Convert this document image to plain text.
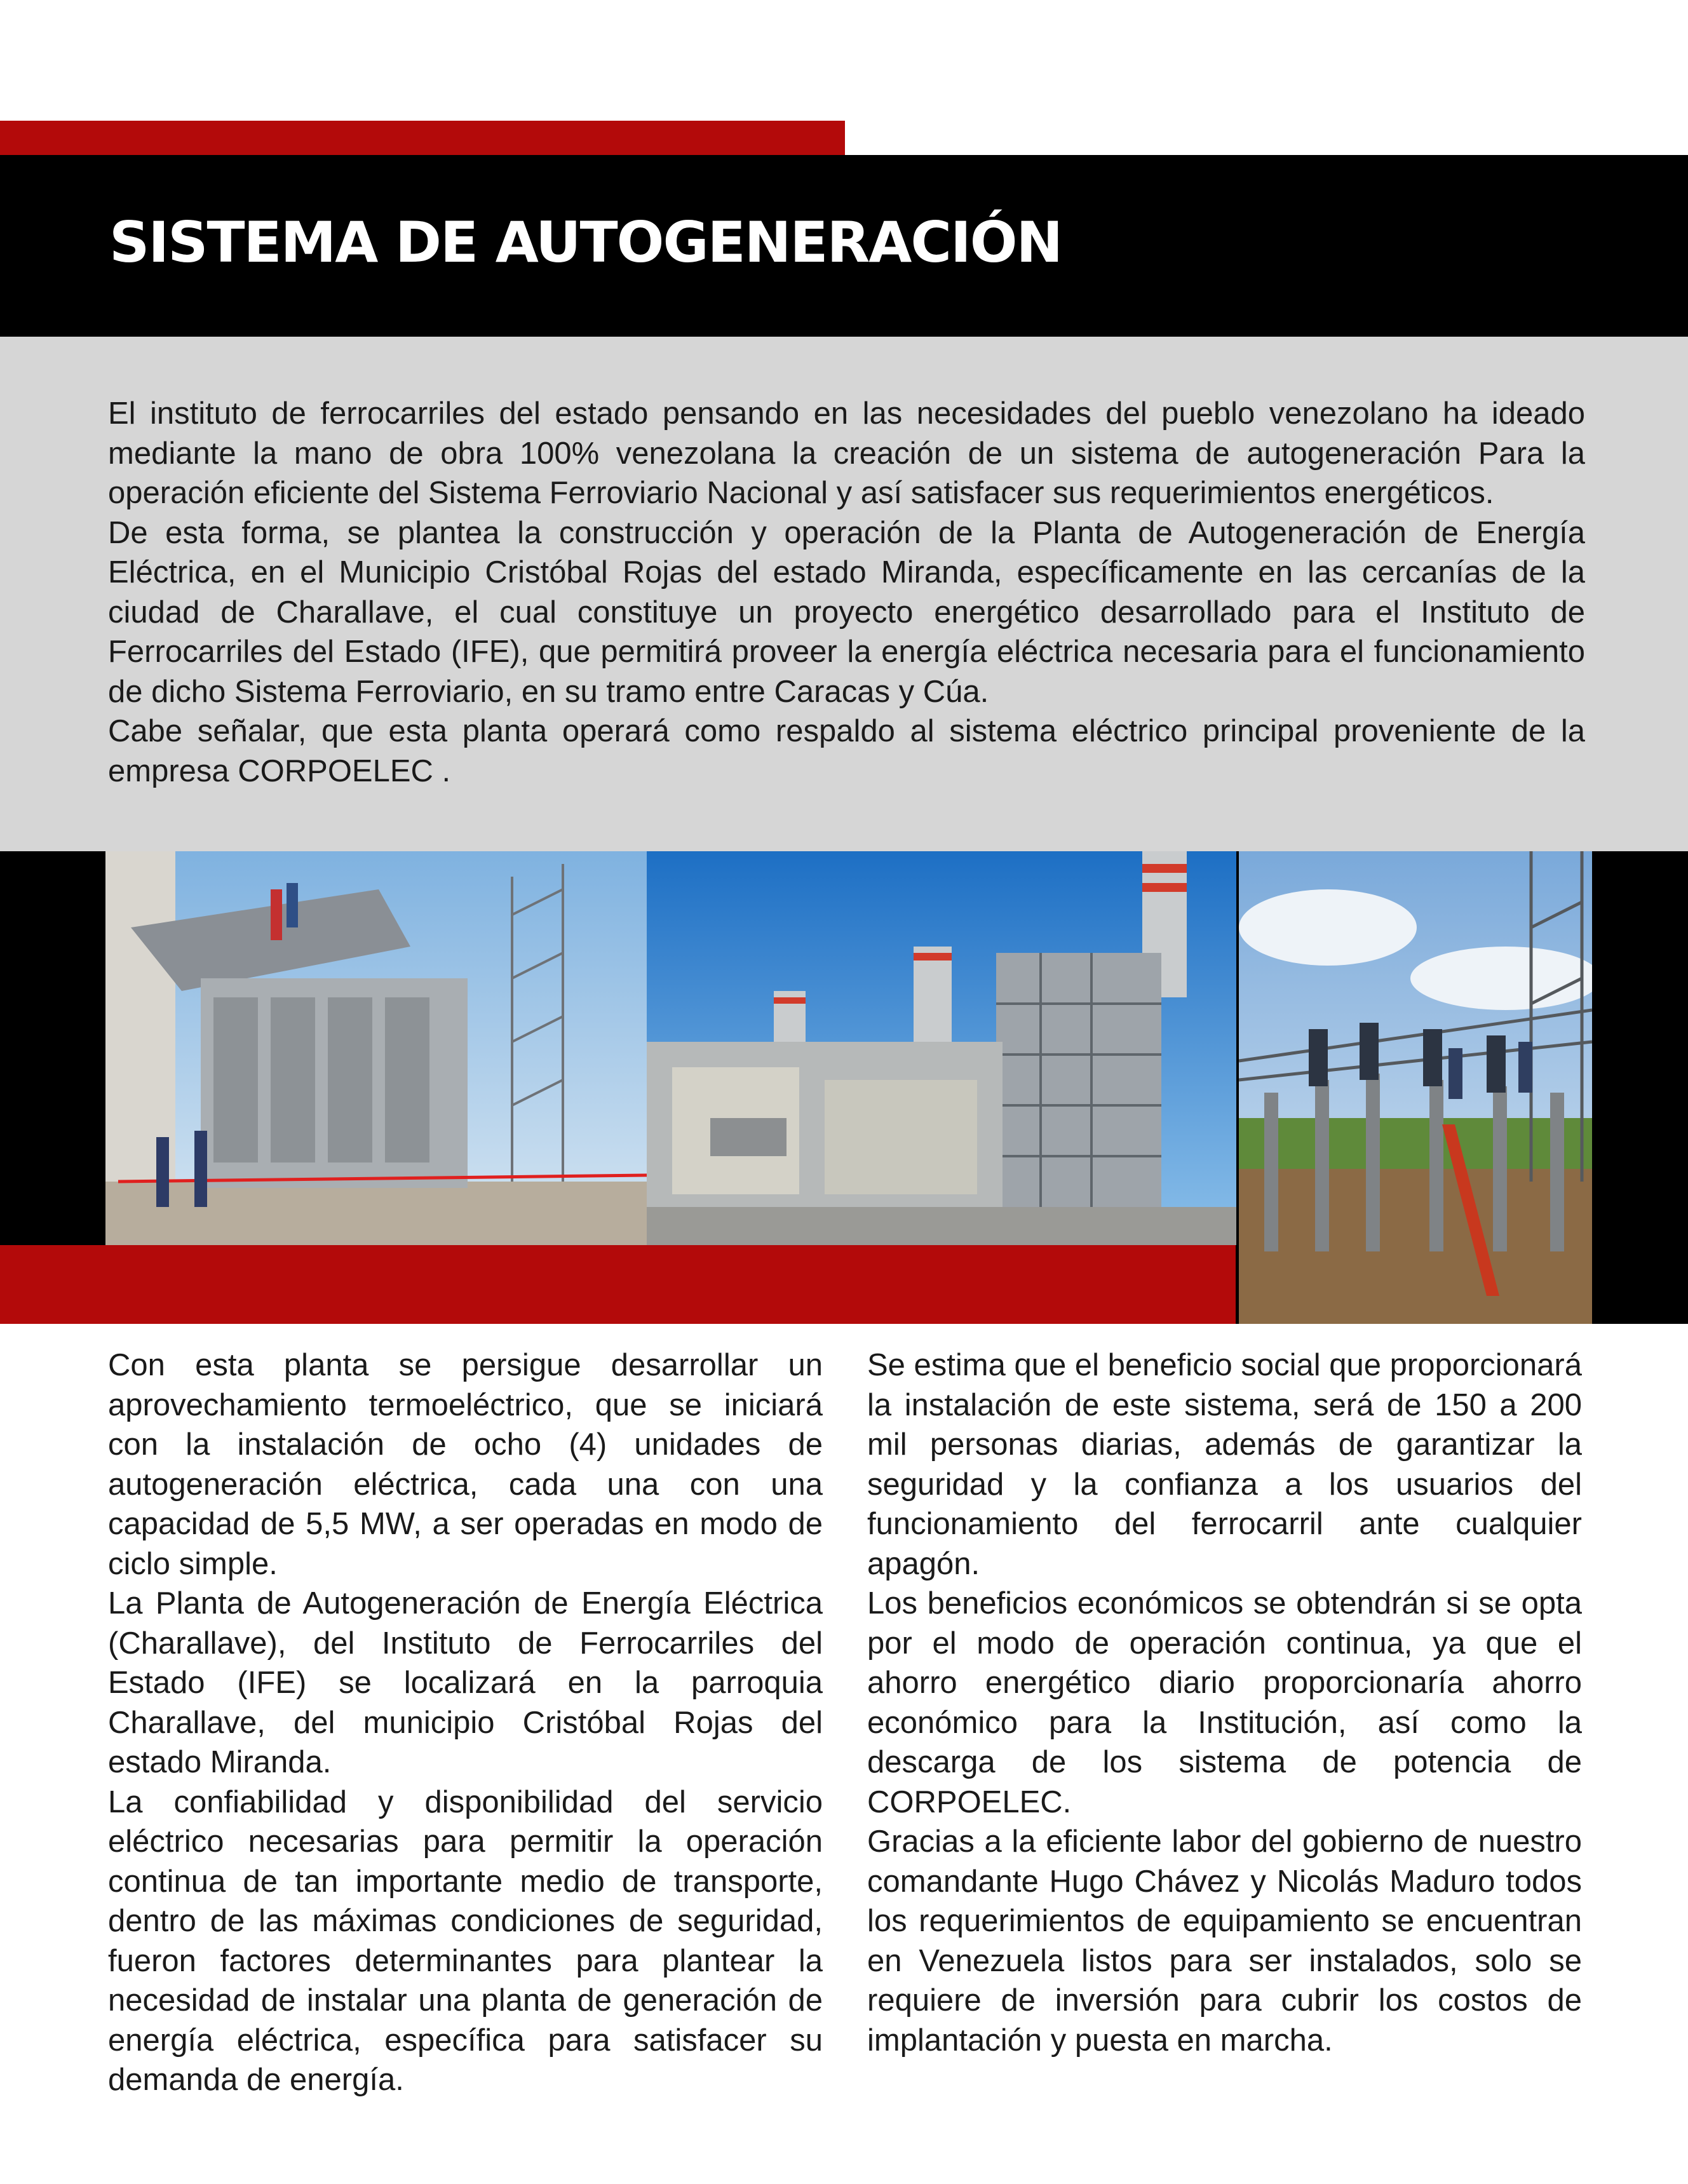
SISTEMA DE AUTOGENERACIÓN

El instituto de ferrocarriles del estado pensando en las necesidades del pueblo venezolano ha ideado mediante la mano de obra 100% venezolana la creación de un sistema de autogeneración Para la operación eficiente del Sistema Ferroviario Nacional y así satisfacer sus requerimientos energéticos.

De esta forma, se plantea la construcción y operación de la Planta de Autogeneración de Energía Eléctrica, en el Municipio Cristóbal Rojas del estado Miranda, específicamente en las cercanías de la ciudad de Charallave, el cual constituye un proyecto energético desarrollado para el Instituto de Ferrocarriles del Estado (IFE), que permitirá proveer la energía eléctrica necesaria para el funcionamiento de dicho Sistema Ferroviario, en su tramo entre Caracas y Cúa.

Cabe señalar, que esta planta operará como respaldo al sistema eléctrico principal proveniente de la empresa CORPOELEC .

Con esta planta se persigue desarrollar un aprovechamiento termoeléctrico, que se iniciará con la instalación de ocho (4) unidades de autogeneración eléctrica, cada una con una capacidad de 5,5 MW, a ser operadas en modo de ciclo simple.

La Planta de Autogeneración de Energía Eléctrica (Charallave), del Instituto de Ferrocarriles del Estado (IFE) se localizará en la parroquia Charallave, del municipio Cristóbal Rojas del estado Miranda.

La confiabilidad y disponibilidad del servicio eléctrico necesarias para permitir la operación continua de tan importante medio de transporte, dentro de las máximas condiciones de seguridad, fueron factores determinantes para plantear la necesidad de instalar una planta de generación de energía eléctrica, específica para satisfacer su demanda de energía.

Se estima que el beneficio social que proporcionará la instalación de este sistema, será de 150 a 200 mil personas diarias, además de garantizar la seguridad y la confianza a los usuarios del funcionamiento del ferrocarril ante cualquier apagón.

Los beneficios económicos se obtendrán si se opta por el modo de operación continua, ya que el ahorro energético diario proporcionaría ahorro económico para la Institución, así como la descarga de los sistema de potencia de CORPOELEC.

Gracias a la eficiente labor del gobierno de nuestro comandante Hugo Chávez y Nicolás Maduro todos los requerimientos de equipamiento se encuentran en Venezuela listos para ser instalados, solo se requiere de inversión para cubrir los costos de implantación y puesta en marcha.
